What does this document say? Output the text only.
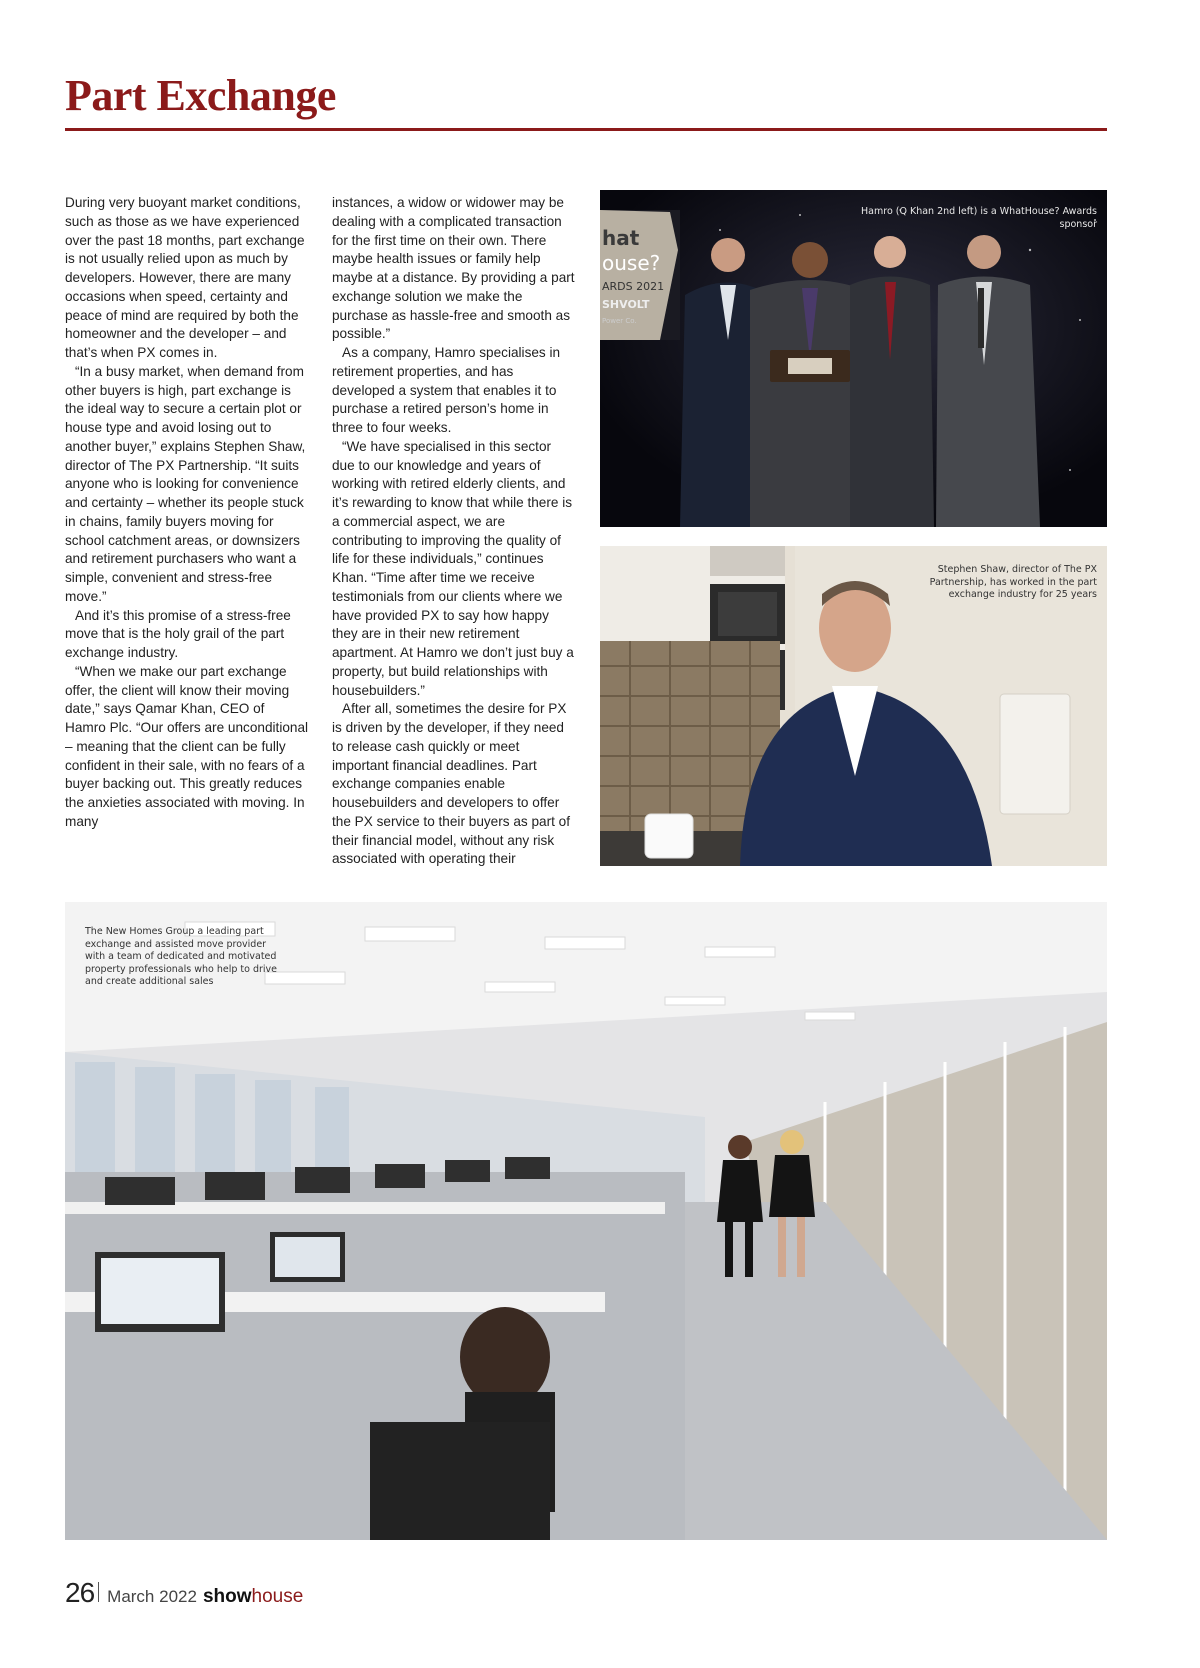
Part Exchange

During very buoyant market conditions, such as those as we have experienced over the past 18 months, part exchange is not usually relied upon as much by developers. However, there are many occasions when speed, certainty and peace of mind are required by both the homeowner and the developer – and that’s when PX comes in.

“In a busy market, when demand from other buyers is high, part exchange is the ideal way to secure a certain plot or house type and avoid losing out to another buyer,” explains Stephen Shaw, director of The PX Partnership. “It suits anyone who is looking for convenience and certainty – whether its people stuck in chains, family buyers moving for school catchment areas, or downsizers and retirement purchasers who want a simple, convenient and stress-free move.”

And it’s this promise of a stress-free move that is the holy grail of the part exchange industry.

“When we make our part exchange offer, the client will know their moving date,” says Qamar Khan, CEO of Hamro Plc. “Our offers are unconditional – meaning that the client can be fully confident in their sale, with no fears of a buyer backing out. This greatly reduces the anxieties associated with moving. In many

instances, a widow or widower may be dealing with a complicated transaction for the first time on their own. There maybe health issues or family help maybe at a distance. By providing a part exchange solution we make the purchase as hassle-free and smooth as possible.”

As a company, Hamro specialises in retirement properties, and has developed a system that enables it to purchase a retired person’s home in three to four weeks.

“We have specialised in this sector due to our knowledge and years of working with retired elderly clients, and it’s rewarding to know that while there is a commercial aspect, we are contributing to improving the quality of life for these individuals,” continues Khan. “Time after time we receive testimonials from our clients where we have provided PX to say how happy they are in their new retirement apartment. At Hamro we don’t just buy a property, but build relationships with housebuilders.”

After all, sometimes the desire for PX is driven by the developer, if they need to release cash quickly or meet important financial deadlines. Part exchange companies enable housebuilders and developers to offer the PX service to their buyers as part of their financial model, without any risk associated with operating their

hat
ouse?
ARDS 2021
SHVOLT
Power Co.
Hamro (Q Khan 2nd left) is a WhatHouse? Awards sponsor
Stephen Shaw, director of The PX Partnership, has worked in the part exchange industry for 25 years
The New Homes Group a leading part exchange and assisted move provider with a team of dedicated and motivated property professionals who help to drive and create additional sales
26 March 2022 show house
